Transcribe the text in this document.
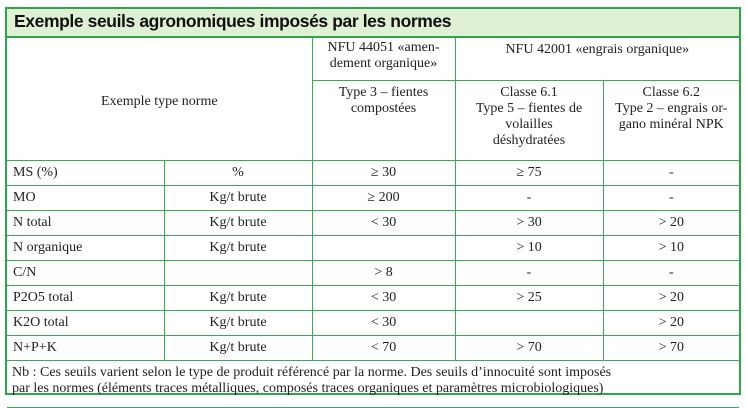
Exemple seuils agronomiques imposés par les normes
Exemple type norme		NFU 44051 «amen-
dement organique»	NFU 42001 «engrais organique»	

		Type 3 – fientes
compostées	Classe 6.1
Type 5 – fientes de
volailles
déshydratées	Classe 6.2
Type 2 – engrais or-
gano minéral NPK

MS (%)	%	≥ 30	≥ 75	-
MO	Kg/t brute	≥ 200	-	-
N total	Kg/t brute	< 30	> 30	> 20
N organique	Kg/t brute		> 10	> 10
C/N		> 8	-	-
P2O5 total	Kg/t brute	< 30	> 25	> 20
K2O total	Kg/t brute	< 30		> 20
N+P+K	Kg/t brute	< 70	> 70	> 70

Nb : Ces seuils varient selon le type de produit référencé par la norme. Des seuils d’innocuité sont imposés
par les normes (éléments traces métalliques, composés traces organiques et paramètres microbiologiques)				
